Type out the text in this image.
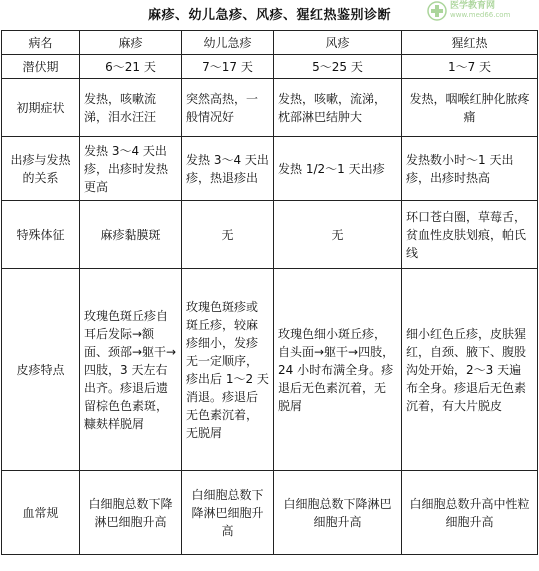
麻疹、幼儿急疹、风疹、猩红热鉴别诊断
医学教育网
www.med66.com
病名	麻疹	幼儿急疹	风疹	猩红热
潜伏期	6～21 天	7～17 天	5～25 天	1～7 天
初期症状	发热，咳嗽流涕，泪水汪汪	突然高热，一般情况好	发热，咳嗽，流涕，枕部淋巴结肿大	发热，咽喉红肿化脓疼痛
出疹与发热的关系	发热 3～4 天出疹，出疹时发热更高	发热 3～4 天出疹，热退疹出	发热 1/2～1 天出疹	发热数小时～1 天出疹，出疹时热高
特殊体征	麻疹黏膜斑	无	无	环口苍白圈，草莓舌，贫血性皮肤划痕，帕氏线
皮疹特点	玫瑰色斑丘疹自耳后发际→额面、颈部→躯干→四肢，3 天左右出齐。疹退后遗留棕色色素斑，糠麸样脱屑	玫瑰色斑疹或斑丘疹，较麻疹细小，发疹无一定顺序，疹出后 1～2 天消退。疹退后无色素沉着，无脱屑	玫瑰色细小斑丘疹，自头面→躯干→四肢，24 小时布满全身。疹退后无色素沉着，无脱屑	细小红色丘疹，皮肤猩红，自颈、腋下、腹股沟处开始，2～3 天遍布全身。疹退后无色素沉着，有大片脱皮
血常规	白细胞总数下降淋巴细胞升高	白细胞总数下降淋巴细胞升高	白细胞总数下降淋巴细胞升高	白细胞总数升高中性粒细胞升高
